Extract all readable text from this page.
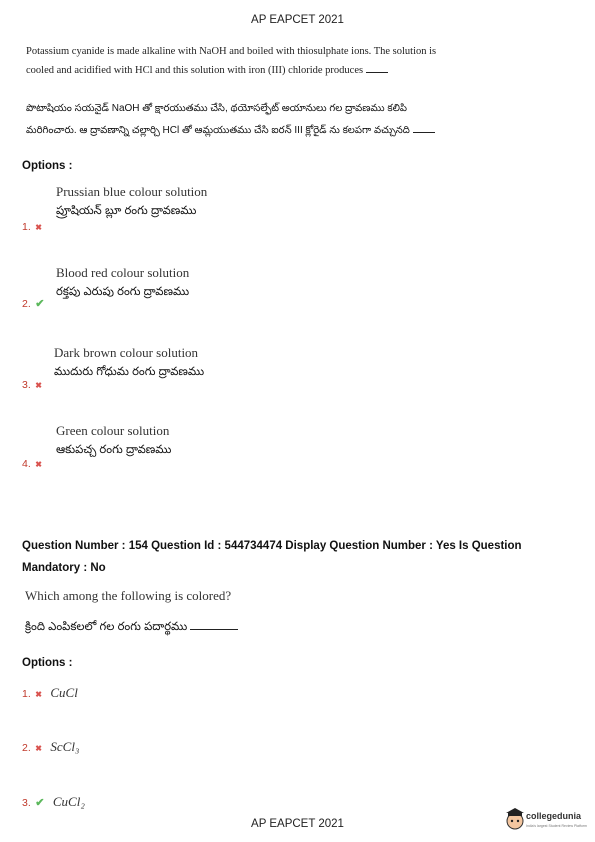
AP EAPCET 2021
Potassium cyanide is made alkaline with NaOH and boiled with thiosulphate ions. The solution is
cooled and acidified with HCl and this solution with iron (III) chloride produces
పొటాషియం సయనైడ్ NaOH తో క్షారయుతము చేసి, థయోసల్ఫేట్ అయానులు గల ద్రావణము కలిపి
మరిగించారు. ఆ ద్రావణాన్ని చల్లార్చి HCl తో ఆమ్లయుతము చేసి ఐరన్ III క్లోరైడ్ ను కలపగా వచ్చునది
Options :
Prussian blue colour solution
ప్రూషియన్ బ్లూ రంగు ద్రావణము
1. ✖
Blood red colour solution
రక్తపు ఎరుపు రంగు ద్రావణము
2. ✔
Dark brown colour solution
ముదురు గోధుమ రంగు ద్రావణము
3. ✖
Green colour solution
ఆకుపచ్చ రంగు ద్రావణము
4. ✖
Question Number : 154 Question Id : 544734474 Display Question Number : Yes Is Question
Mandatory : No
Which among the following is colored?
క్రింది ఎంపికలలో గల రంగు పదార్థము
Options :
1. ✖ CuCl
2. ✖ ScCl₃
3. ✔ CuCl₂
AP EAPCET 2021
collegedunia
India's largest Student Review Platform
